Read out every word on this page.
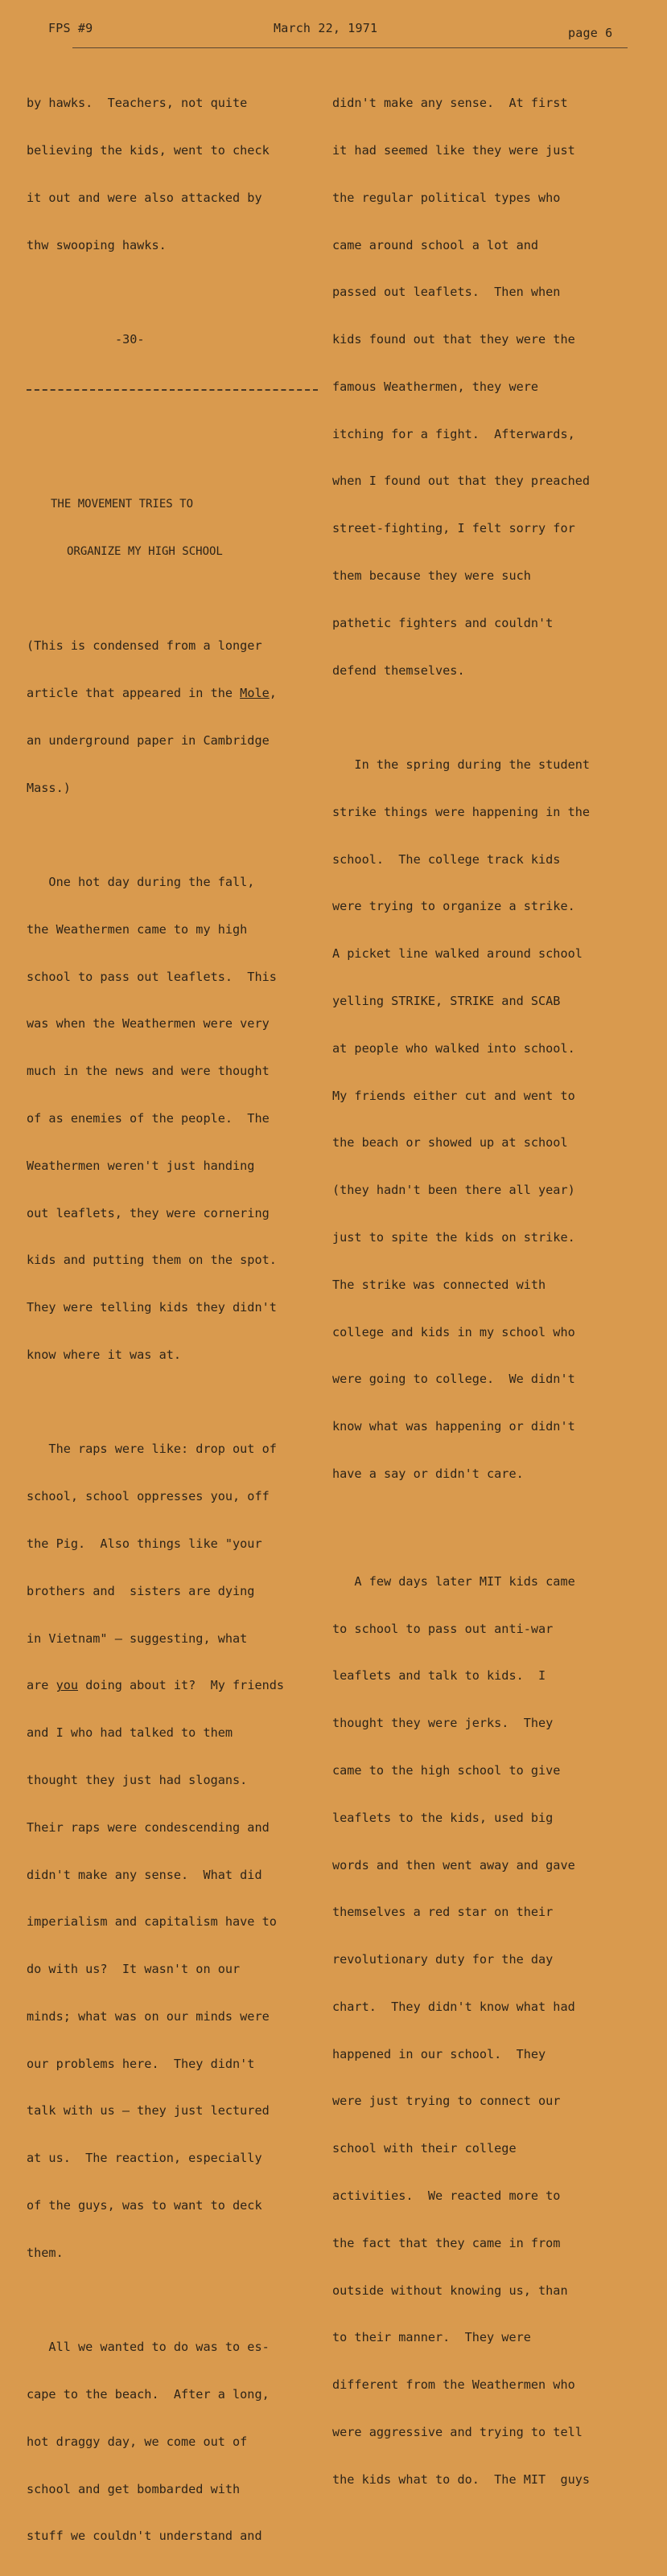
FPS #9	March 22, 1971	page 6

by hawks.  Teachers, not quite

believing the kids, went to check

it out and were also attacked by

thw swooping hawks.

-30-

THE MOVEMENT TRIES TO

ORGANIZE MY HIGH SCHOOL

(This is condensed from a longer

article that appeared in the Mole,

an underground paper in Cambridge

Mass.)

One hot day during the fall,

the Weathermen came to my high

school to pass out leaflets.  This

was when the Weathermen were very

much in the news and were thought

of as enemies of the people.  The

Weathermen weren't just handing

out leaflets, they were cornering

kids and putting them on the spot.

They were telling kids they didn't

know where it was at.

The raps were like: drop out of

school, school oppresses you, off

the Pig.  Also things like "your

brothers and  sisters are dying

in Vietnam" — suggesting, what

are you doing about it?  My friends

and I who had talked to them

thought they just had slogans.

Their raps were condescending and

didn't make any sense.  What did

imperialism and capitalism have to

do with us?  It wasn't on our

minds; what was on our minds were

our problems here.  They didn't

talk with us — they just lectured

at us.  The reaction, especially

of the guys, was to want to deck

them.

All we wanted to do was to es-

cape to the beach.  After a long,

hot draggy day, we come out of

school and get bombarded with

stuff we couldn't understand and

didn't make any sense.  At first

it had seemed like they were just

the regular political types who

came around school a lot and

passed out leaflets.  Then when

kids found out that they were the

famous Weathermen, they were

itching for a fight.  Afterwards,

when I found out that they preached

street-fighting, I felt sorry for

them because they were such

pathetic fighters and couldn't

defend themselves.

In the spring during the student

strike things were happening in the

school.  The college track kids

were trying to organize a strike.

A picket line walked around school

yelling STRIKE, STRIKE and SCAB

at people who walked into school.

My friends either cut and went to

the beach or showed up at school

(they hadn't been there all year)

just to spite the kids on strike.

The strike was connected with

college and kids in my school who

were going to college.  We didn't

know what was happening or didn't

have a say or didn't care.

A few days later MIT kids came

to school to pass out anti-war

leaflets and talk to kids.  I

thought they were jerks.  They

came to the high school to give

leaflets to the kids, used big

words and then went away and gave

themselves a red star on their

revolutionary duty for the day

chart.  They didn't know what had

happened in our school.  They

were just trying to connect our

school with their college

activities.  We reacted more to

the fact that they came in from

outside without knowing us, than

to their manner.  They were

different from the Weathermen who

were aggressive and trying to tell

the kids what to do.  The MIT  guys
